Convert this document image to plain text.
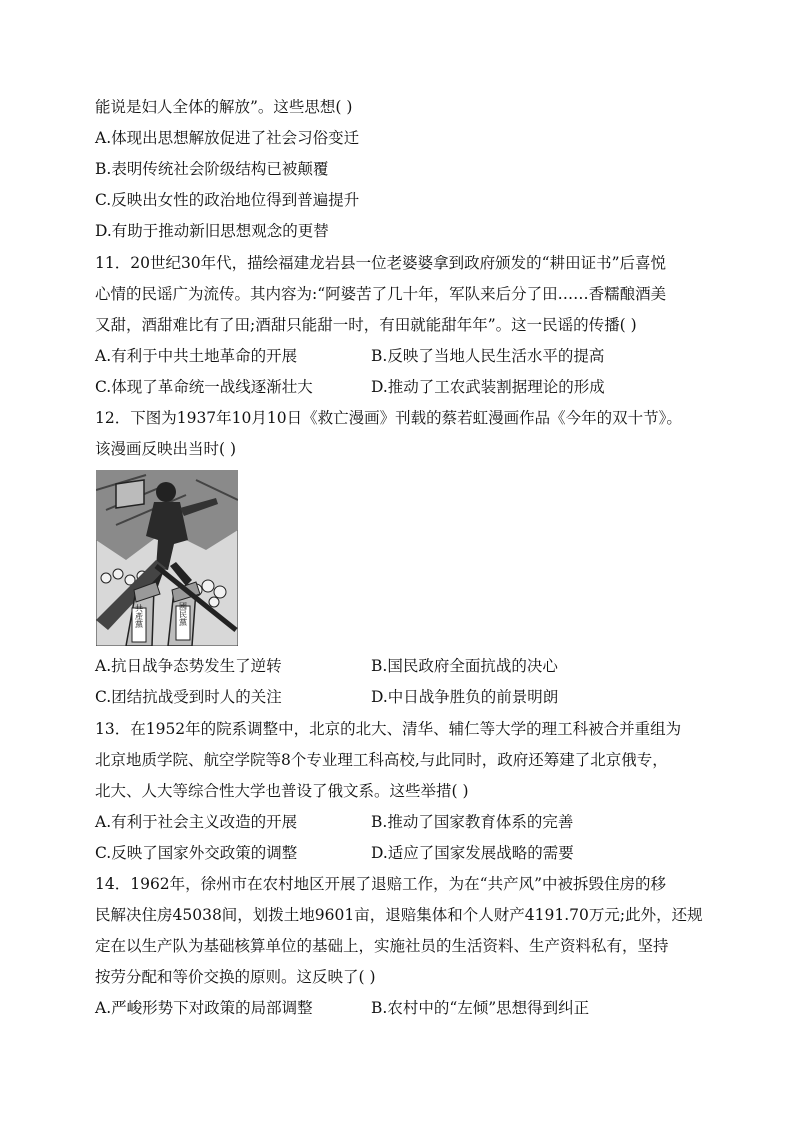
能说是妇人全体的解放”。这些思想( )
A.体现出思想解放促进了社会习俗变迁
B.表明传统社会阶级结构已被颠覆
C.反映出女性的政治地位得到普遍提升
D.有助于推动新旧思想观念的更替
11．20世纪30年代，描绘福建龙岩县一位老婆婆拿到政府颁发的“耕田证书”后喜悦
心情的民谣广为流传。其内容为:“阿婆苦了几十年，军队来后分了田……香糯酿酒美
又甜，酒甜难比有了田;酒甜只能甜一时，有田就能甜年年”。这一民谣的传播( )
A.有利于中共土地革命的开展	B.反映了当地人民生活水平的提高
C.体现了革命统一战线逐渐壮大	D.推动了工农武装割据理论的形成
12．下图为1937年10月10日《救亡漫画》刊载的蔡若虹漫画作品《今年的双十节》。
该漫画反映出当时( )
共產黨	國民黨
A.抗日战争态势发生了逆转	B.国民政府全面抗战的决心
C.团结抗战受到时人的关注	D.中日战争胜负的前景明朗
13．在1952年的院系调整中，北京的北大、清华、辅仁等大学的理工科被合并重组为
北京地质学院、航空学院等8个专业理工科高校,与此同时，政府还筹建了北京俄专，
北大、人大等综合性大学也普设了俄文系。这些举措( )
A.有利于社会主义改造的开展	B.推动了国家教育体系的完善
C.反映了国家外交政策的调整	D.适应了国家发展战略的需要
14．1962年，徐州市在农村地区开展了退赔工作，为在“共产风”中被拆毁住房的移
民解决住房45038间，划拨土地9601亩，退赔集体和个人财产4191.70万元;此外，还规
定在以生产队为基础核算单位的基础上，实施社员的生活资料、生产资料私有，坚持
按劳分配和等价交换的原则。这反映了( )
A.严峻形势下对政策的局部调整	B.农村中的“左倾”思想得到纠正
